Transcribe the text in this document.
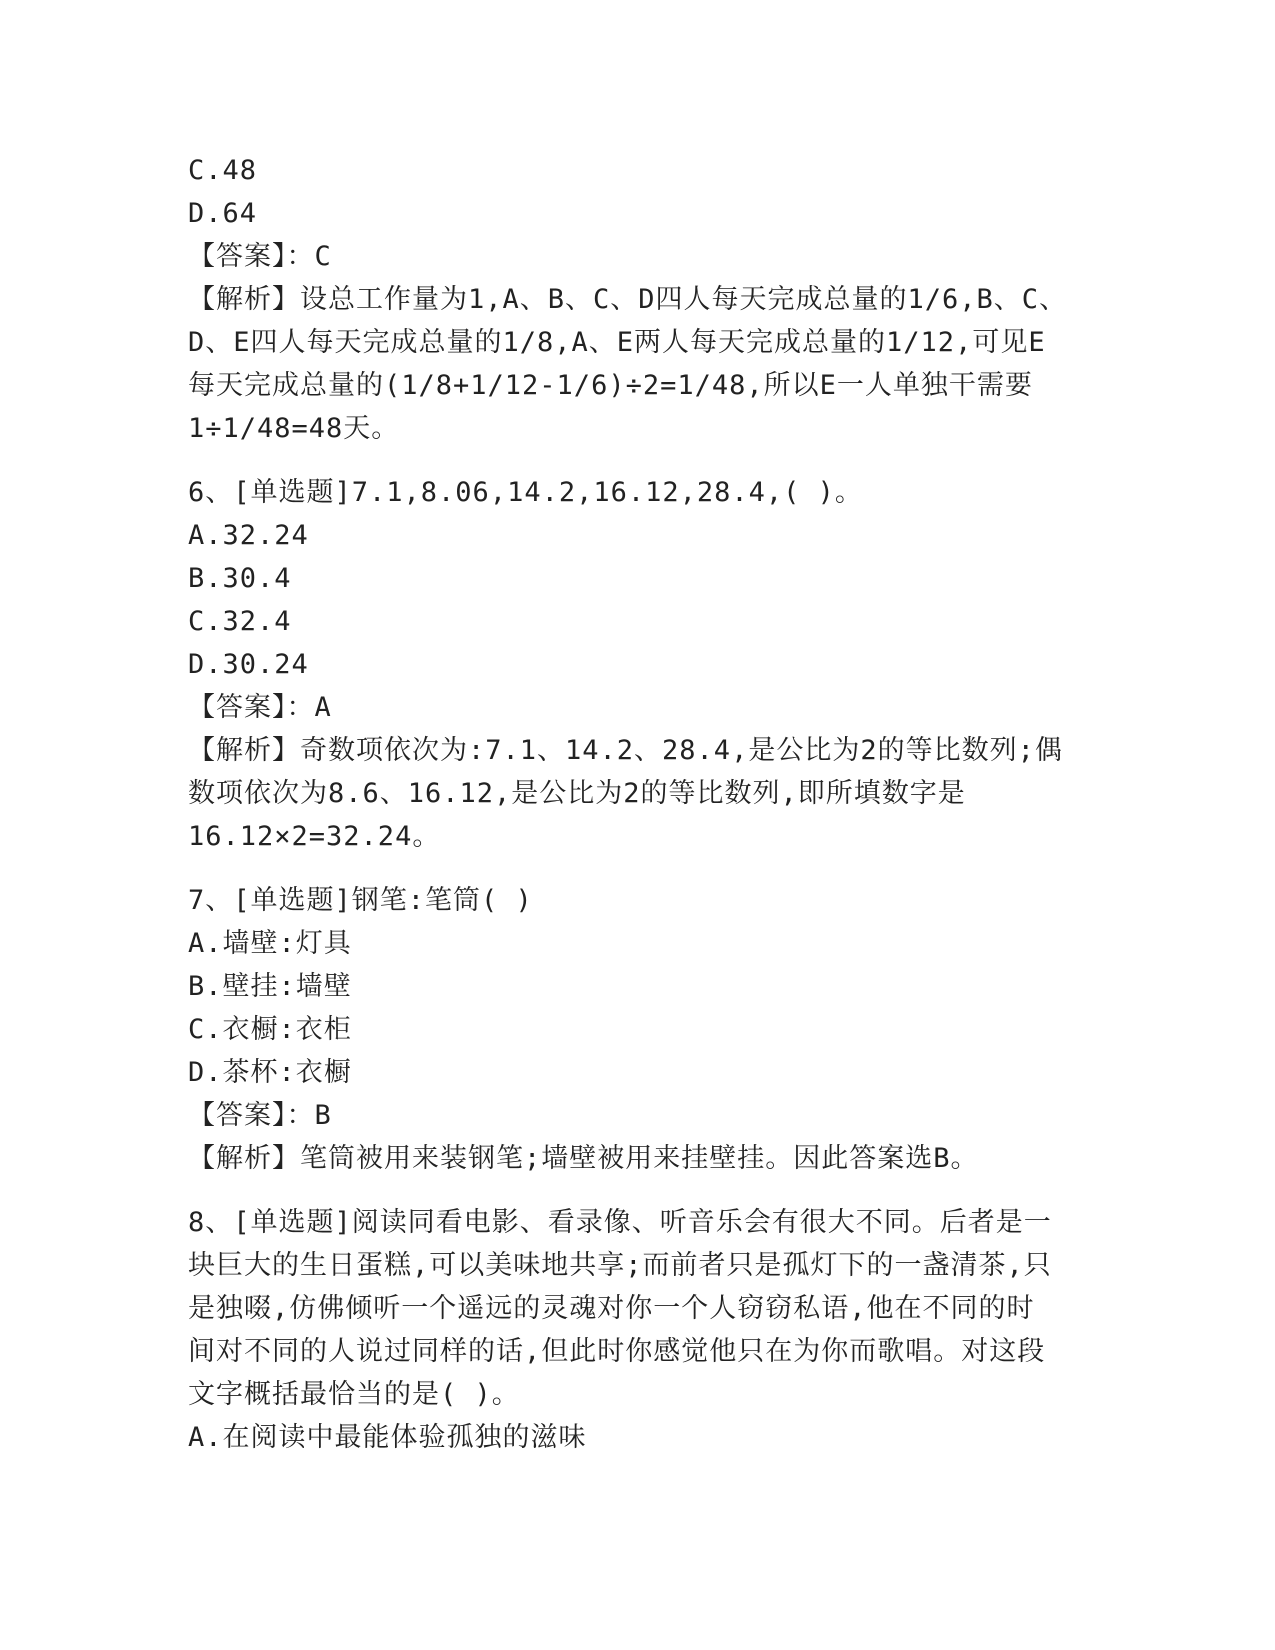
C.48
D.64
【答案】：C
【解析】设总工作量为1,A、B、C、D四人每天完成总量的1/6,B、C、
D、E四人每天完成总量的1/8,A、E两人每天完成总量的1/12,可见E
每天完成总量的(1/8+1/12-1/6)÷2=1/48,所以E一人单独干需要
1÷1/48=48天。
6、[单选题]7.1,8.06,14.2,16.12,28.4,( )。
A.32.24
B.30.4
C.32.4
D.30.24
【答案】：A
【解析】奇数项依次为:7.1、14.2、28.4,是公比为2的等比数列;偶
数项依次为8.6、16.12,是公比为2的等比数列,即所填数字是
16.12×2=32.24。
7、[单选题]钢笔:笔筒( )
A.墙壁:灯具
B.壁挂:墙壁
C.衣橱:衣柜
D.茶杯:衣橱
【答案】：B
【解析】笔筒被用来装钢笔;墙壁被用来挂壁挂。因此答案选B。
8、[单选题]阅读同看电影、看录像、听音乐会有很大不同。后者是一
块巨大的生日蛋糕,可以美味地共享;而前者只是孤灯下的一盏清茶,只
是独啜,仿佛倾听一个遥远的灵魂对你一个人窃窃私语,他在不同的时
间对不同的人说过同样的话,但此时你感觉他只在为你而歌唱。对这段
文字概括最恰当的是( )。
A.在阅读中最能体验孤独的滋味
